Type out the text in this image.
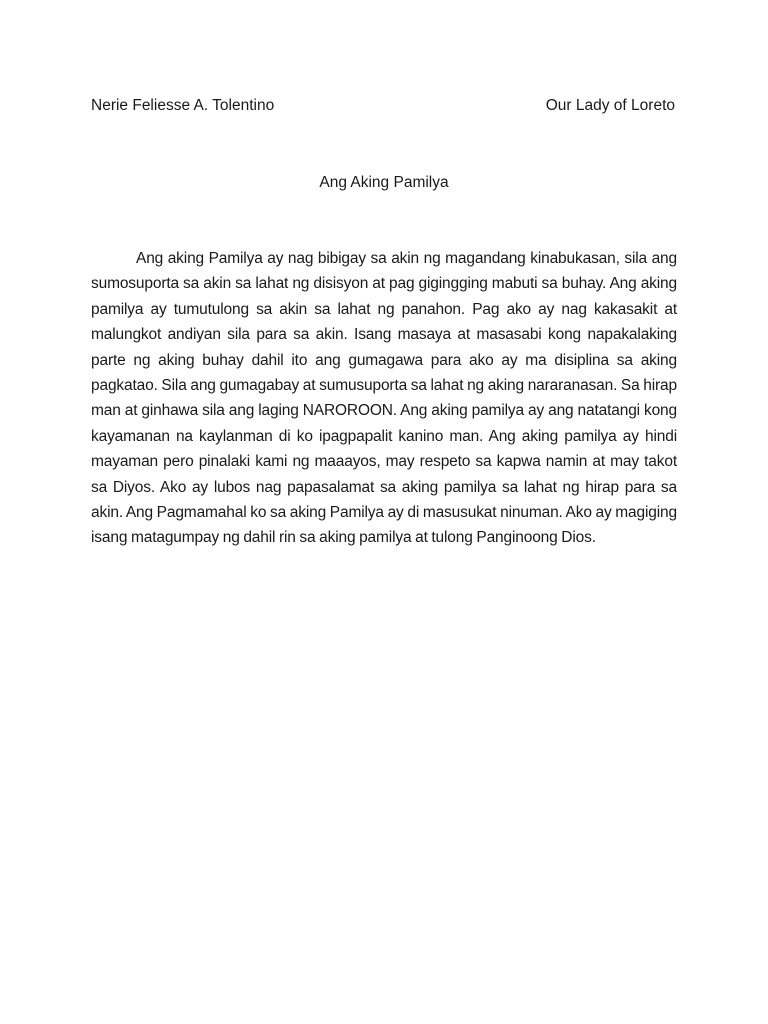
Nerie Feliesse A. Tolentino	Our Lady of Loreto
Ang Aking Pamilya

Ang aking Pamilya ay nag bibigay sa akin ng magandang kinabukasan, sila ang sumosuporta sa akin sa lahat ng disisyon at pag gigingging mabuti sa buhay. Ang aking pamilya ay tumutulong sa akin sa lahat ng panahon. Pag ako ay nag kakasakit at malungkot andiyan sila para sa akin. Isang masaya at masasabi kong napakalaking parte ng aking buhay dahil ito ang gumagawa para ako ay ma disiplina sa aking pagkatao. Sila ang gumagabay at sumusuporta sa lahat ng aking nararanasan. Sa hirap man at ginhawa sila ang laging NAROROON. Ang aking pamilya ay ang natatangi kong kayamanan na kaylanman di ko ipagpapalit kanino man. Ang aking pamilya ay hindi mayaman pero pinalaki kami ng maaayos, may respeto sa kapwa namin at may takot sa Diyos. Ako ay lubos nag papasalamat sa aking pamilya sa lahat ng hirap para sa akin. Ang Pagmamahal ko sa aking Pamilya ay di masusukat ninuman. Ako ay magiging isang matagumpay ng dahil rin sa aking pamilya at tulong Panginoong Dios.
